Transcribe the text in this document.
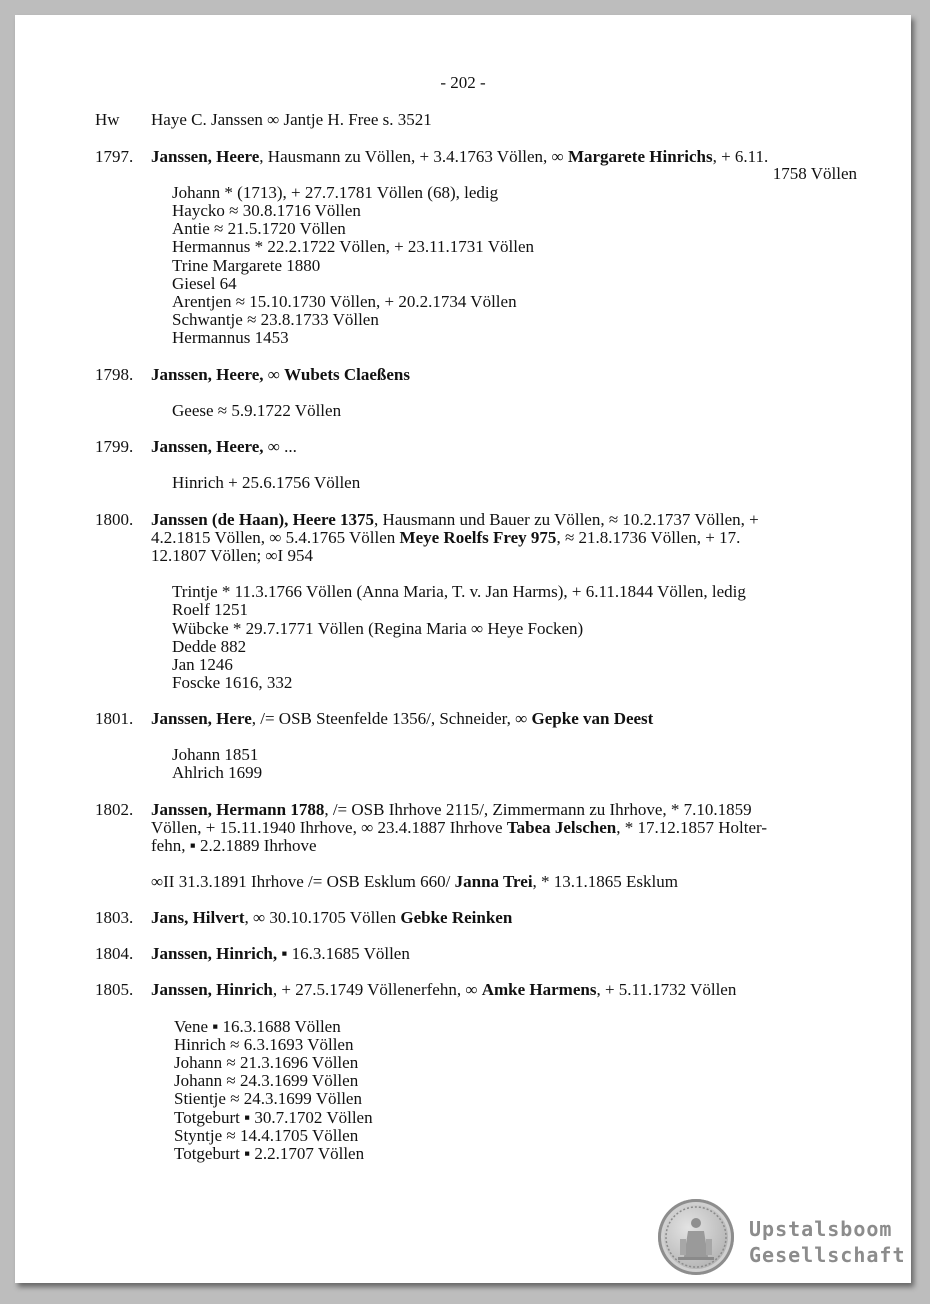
- 202 -
Hw Haye C. Janssen ∞ Jantje H. Free s. 3521
1797. Janssen, Heere, Hausmann zu Völlen, + 3.4.1763 Völlen, ∞ Margarete Hinrichs, + 6.11.
1758 Völlen
Johann * (1713), + 27.7.1781 Völlen (68), ledig
Haycko ≈ 30.8.1716 Völlen
Antie ≈ 21.5.1720 Völlen
Hermannus * 22.2.1722 Völlen, + 23.11.1731 Völlen
Trine Margarete 1880
Giesel 64
Arentjen ≈ 15.10.1730 Völlen, + 20.2.1734 Völlen
Schwantje ≈ 23.8.1733 Völlen
Hermannus 1453
1798. Janssen, Heere, ∞ Wubets Claeßens
Geese ≈ 5.9.1722 Völlen
1799. Janssen, Heere, ∞ ...
Hinrich + 25.6.1756 Völlen
1800. Janssen (de Haan), Heere 1375, Hausmann und Bauer zu Völlen, ≈ 10.2.1737 Völlen, +
4.2.1815 Völlen, ∞ 5.4.1765 Völlen Meye Roelfs Frey 975, ≈ 21.8.1736 Völlen, + 17.
12.1807 Völlen; ∞I 954
Trintje * 11.3.1766 Völlen (Anna Maria, T. v. Jan Harms), + 6.11.1844 Völlen, ledig
Roelf 1251
Wübcke * 29.7.1771 Völlen (Regina Maria ∞ Heye Focken)
Dedde 882
Jan 1246
Foscke 1616, 332
1801. Janssen, Here, /= OSB Steenfelde 1356/, Schneider, ∞ Gepke van Deest
Johann 1851
Ahlrich 1699
1802. Janssen, Hermann 1788, /= OSB Ihrhove 2115/, Zimmermann zu Ihrhove, * 7.10.1859
Völlen, + 15.11.1940 Ihrhove, ∞ 23.4.1887 Ihrhove Tabea Jelschen, * 17.12.1857 Holter-
fehn, ▪ 2.2.1889 Ihrhove
∞II 31.3.1891 Ihrhove /= OSB Esklum 660/ Janna Trei, * 13.1.1865 Esklum
1803. Jans, Hilvert, ∞ 30.10.1705 Völlen Gebke Reinken
1804. Janssen, Hinrich, ▪ 16.3.1685 Völlen
1805. Janssen, Hinrich, + 27.5.1749 Völlenerfehn, ∞ Amke Harmens, + 5.11.1732 Völlen
Vene ▪ 16.3.1688 Völlen
Hinrich ≈ 6.3.1693 Völlen
Johann ≈ 21.3.1696 Völlen
Johann ≈ 24.3.1699 Völlen
Stientje ≈ 24.3.1699 Völlen
Totgeburt ▪ 30.7.1702 Völlen
Styntje ≈ 14.4.1705 Völlen
Totgeburt ▪ 2.2.1707 Völlen
Upstalsboom
Gesellschaft
